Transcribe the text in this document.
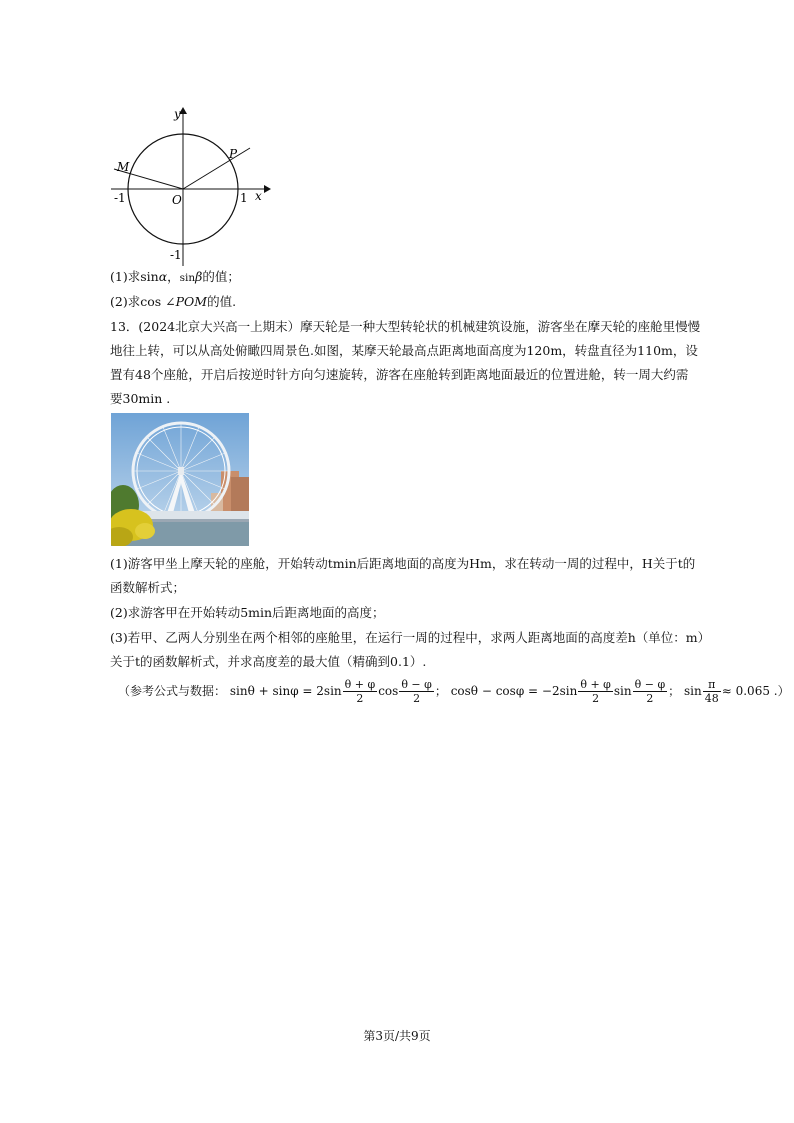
y
x
P
M
O
-1	1
-1
(1)求sinα，sinβ的值；
(2)求cos ∠POM的值.
13．(2024北京大兴高一上期末）摩天轮是一种大型转轮状的机械建筑设施，游客坐在摩天轮的座舱里慢慢
地往上转，可以从高处俯瞰四周景色.如图，某摩天轮最高点距离地面高度为120m，转盘直径为110m，设
置有48个座舱，开启后按逆时针方向匀速旋转，游客在座舱转到距离地面最近的位置进舱，转一周大约需
要30min .
(1)游客甲坐上摩天轮的座舱，开始转动tmin后距离地面的高度为Hm，求在转动一周的过程中，H关于t的
函数解析式；
(2)求游客甲在开始转动5min后距离地面的高度；
(3)若甲、乙两人分别坐在两个相邻的座舱里，在运行一周的过程中，求两人距离地面的高度差h（单位：m）
关于t的函数解析式，并求高度差的最大值（精确到0.1）.
（参考公式与数据： $\sin\theta + \sin\varphi = 2\sin \frac{\theta + \varphi}{2}$ $\cos \frac{\theta - \varphi}{2}$ ； $\cos\theta - \cos\varphi = -2\sin \frac{\theta + \varphi}{2}$ $\sin \frac{\theta - \varphi}{2}$ ； $\sin \frac{\pi}{48} \approx 0.065$ .）
第3页/共9页
